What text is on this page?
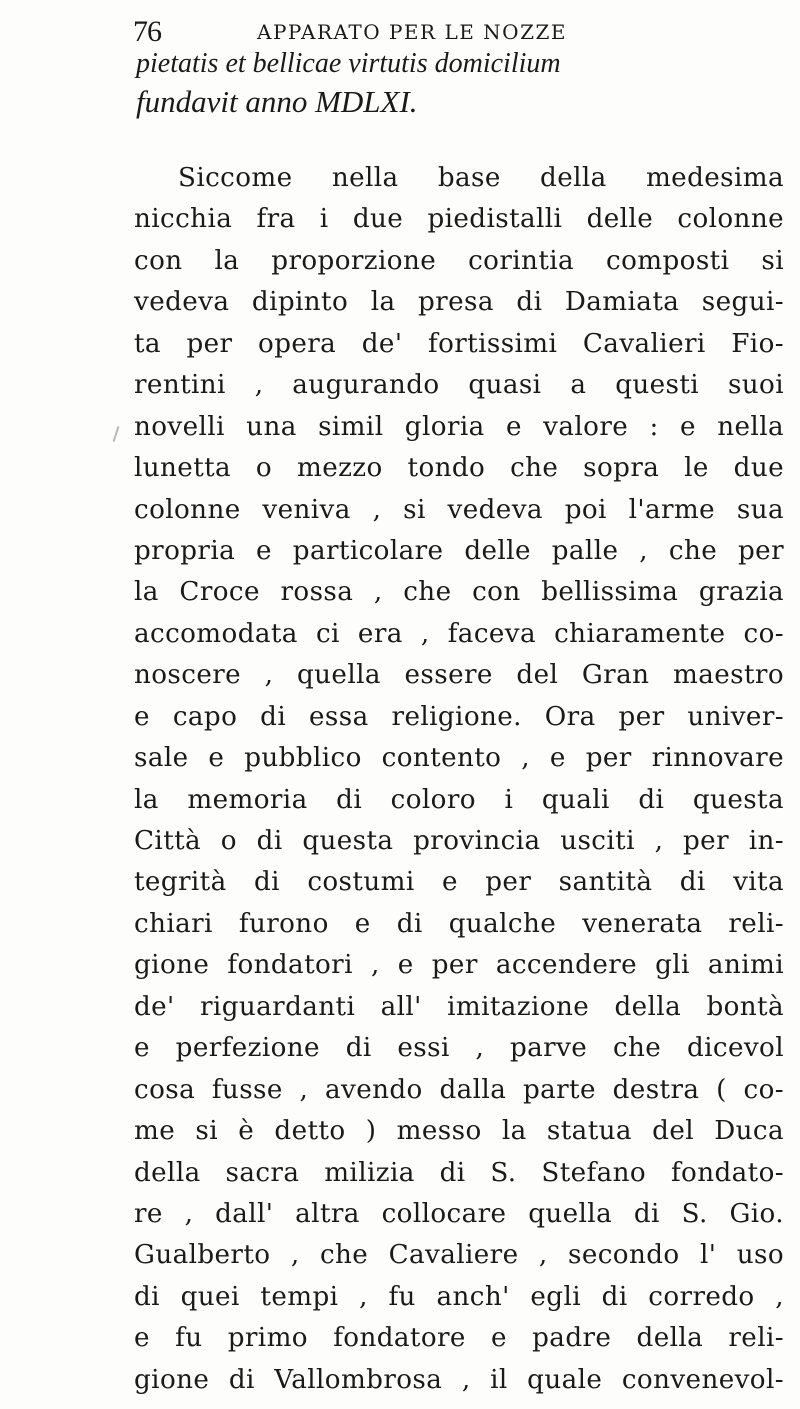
76	APPARATO PER LE NOZZE
pietatis et bellicae virtutis domicilium
fundavit anno MDLXI.
Siccome nella base della medesima
nicchia fra i due piedistalli delle colonne
con la proporzione corintia composti si
vedeva dipinto la presa di Damiata segui-
ta per opera de' fortissimi Cavalieri Fio-
rentini , augurando quasi a questi suoi
novelli una simil gloria e valore : e nella
lunetta o mezzo tondo che sopra le due
colonne veniva , si vedeva poi l'arme sua
propria e particolare delle palle , che per
la Croce rossa , che con bellissima grazia
accomodata ci era , faceva chiaramente co-
noscere , quella essere del Gran maestro
e capo di essa religione. Ora per univer-
sale e pubblico contento , e per rinnovare
la memoria di coloro i quali di questa
Città o di questa provincia usciti , per in-
tegrità di costumi e per santità di vita
chiari furono e di qualche venerata reli-
gione fondatori , e per accendere gli animi
de' riguardanti all' imitazione della bontà
e perfezione di essi , parve che dicevol
cosa fusse , avendo dalla parte destra ( co-
me si è detto ) messo la statua del Duca
della sacra milizia di S. Stefano fondato-
re , dall' altra collocare quella di S. Gio.
Gualberto , che Cavaliere , secondo l' uso
di quei tempi , fu anch' egli di corredo ,
e fu primo fondatore e padre della reli-
gione di Vallombrosa , il quale convenevol-
